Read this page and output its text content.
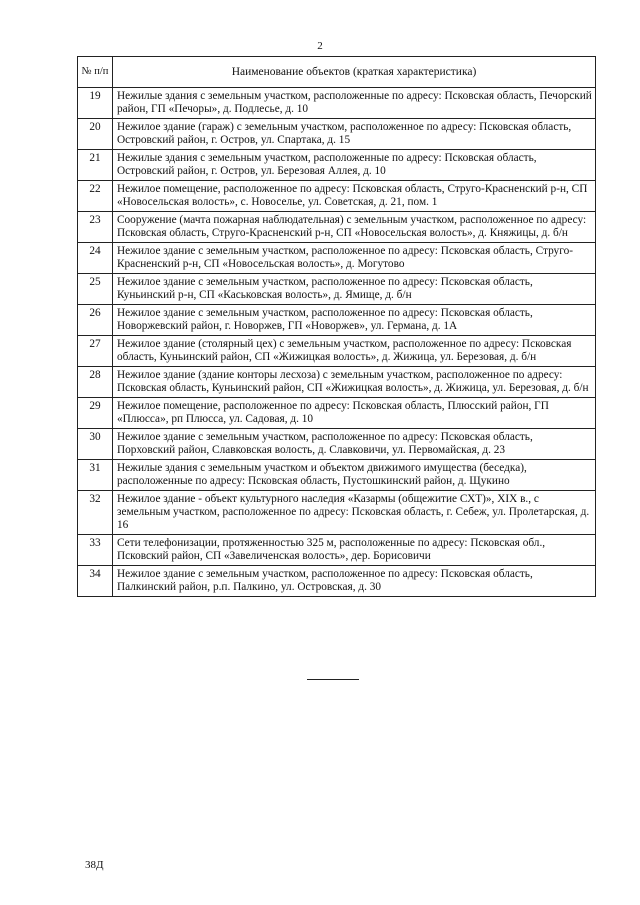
2
№ п/п	Наименование объектов (краткая характеристика)
19	Нежилые здания с земельным участком, расположенные по адресу: Псковская область, Печорский район, ГП «Печоры», д. Подлесье, д. 10
20	Нежилое здание (гараж) с земельным участком, расположенное по адресу: Псковская область, Островский район, г. Остров, ул. Спартака, д. 15
21	Нежилые здания с земельным участком, расположенные по адресу: Псковская область, Островский район, г. Остров, ул. Березовая Аллея, д. 10
22	Нежилое помещение, расположенное по адресу: Псковская область, Струго-Красненский р-н, СП «Новосельская волость», с. Новоселье, ул. Советская, д. 21, пом. 1
23	Сооружение (мачта пожарная наблюдательная) с земельным участком, расположенное по адресу: Псковская область, Струго-Красненский р-н, СП «Новосельская волость», д. Княжицы, д. б/н
24	Нежилое здание с земельным участком, расположенное по адресу: Псковская область, Струго-Красненский р-н, СП «Новосельская волость», д. Могутово
25	Нежилое здание с земельным участком, расположенное по адресу: Псковская область, Куньинский р-н, СП «Каськовская волость», д. Ямище, д. б/н
26	Нежилое здание с земельным участком, расположенное по адресу: Псковская область, Новоржевский район, г. Новоржев, ГП «Новоржев», ул. Германа, д. 1А
27	Нежилое здание (столярный цех) с земельным участком, расположенное по адресу: Псковская область, Куньинский район, СП «Жижицкая волость», д. Жижица, ул. Березовая, д. б/н
28	Нежилое здание (здание конторы лесхоза) с земельным участком, расположенное по адресу: Псковская область, Куньинский район, СП «Жижицкая волость», д. Жижица, ул. Березовая, д. б/н
29	Нежилое помещение, расположенное по адресу: Псковская область, Плюсский район, ГП «Плюсса», рп Плюсса, ул. Садовая, д. 10
30	Нежилое здание с земельным участком, расположенное по адресу: Псковская область, Порховский район, Славковская волость, д. Славковичи, ул. Первомайская, д. 23
31	Нежилые здания с земельным участком и объектом движимого имущества (беседка), расположенные по адресу: Псковская область, Пустошкинский район, д. Щукино
32	Нежилое здание - объект культурного наследия «Казармы (общежитие СХТ)», XIX в., с земельным участком, расположенное по адресу: Псковская область, г. Себеж, ул. Пролетарская, д. 16
33	Сети телефонизации, протяженностью 325 м, расположенные по адресу: Псковская обл., Псковский район, СП «Завеличенская волость», дер. Борисовичи
34	Нежилое здание с земельным участком, расположенное по адресу: Псковская область, Палкинский район, р.п. Палкино, ул. Островская, д. 30
38Д
